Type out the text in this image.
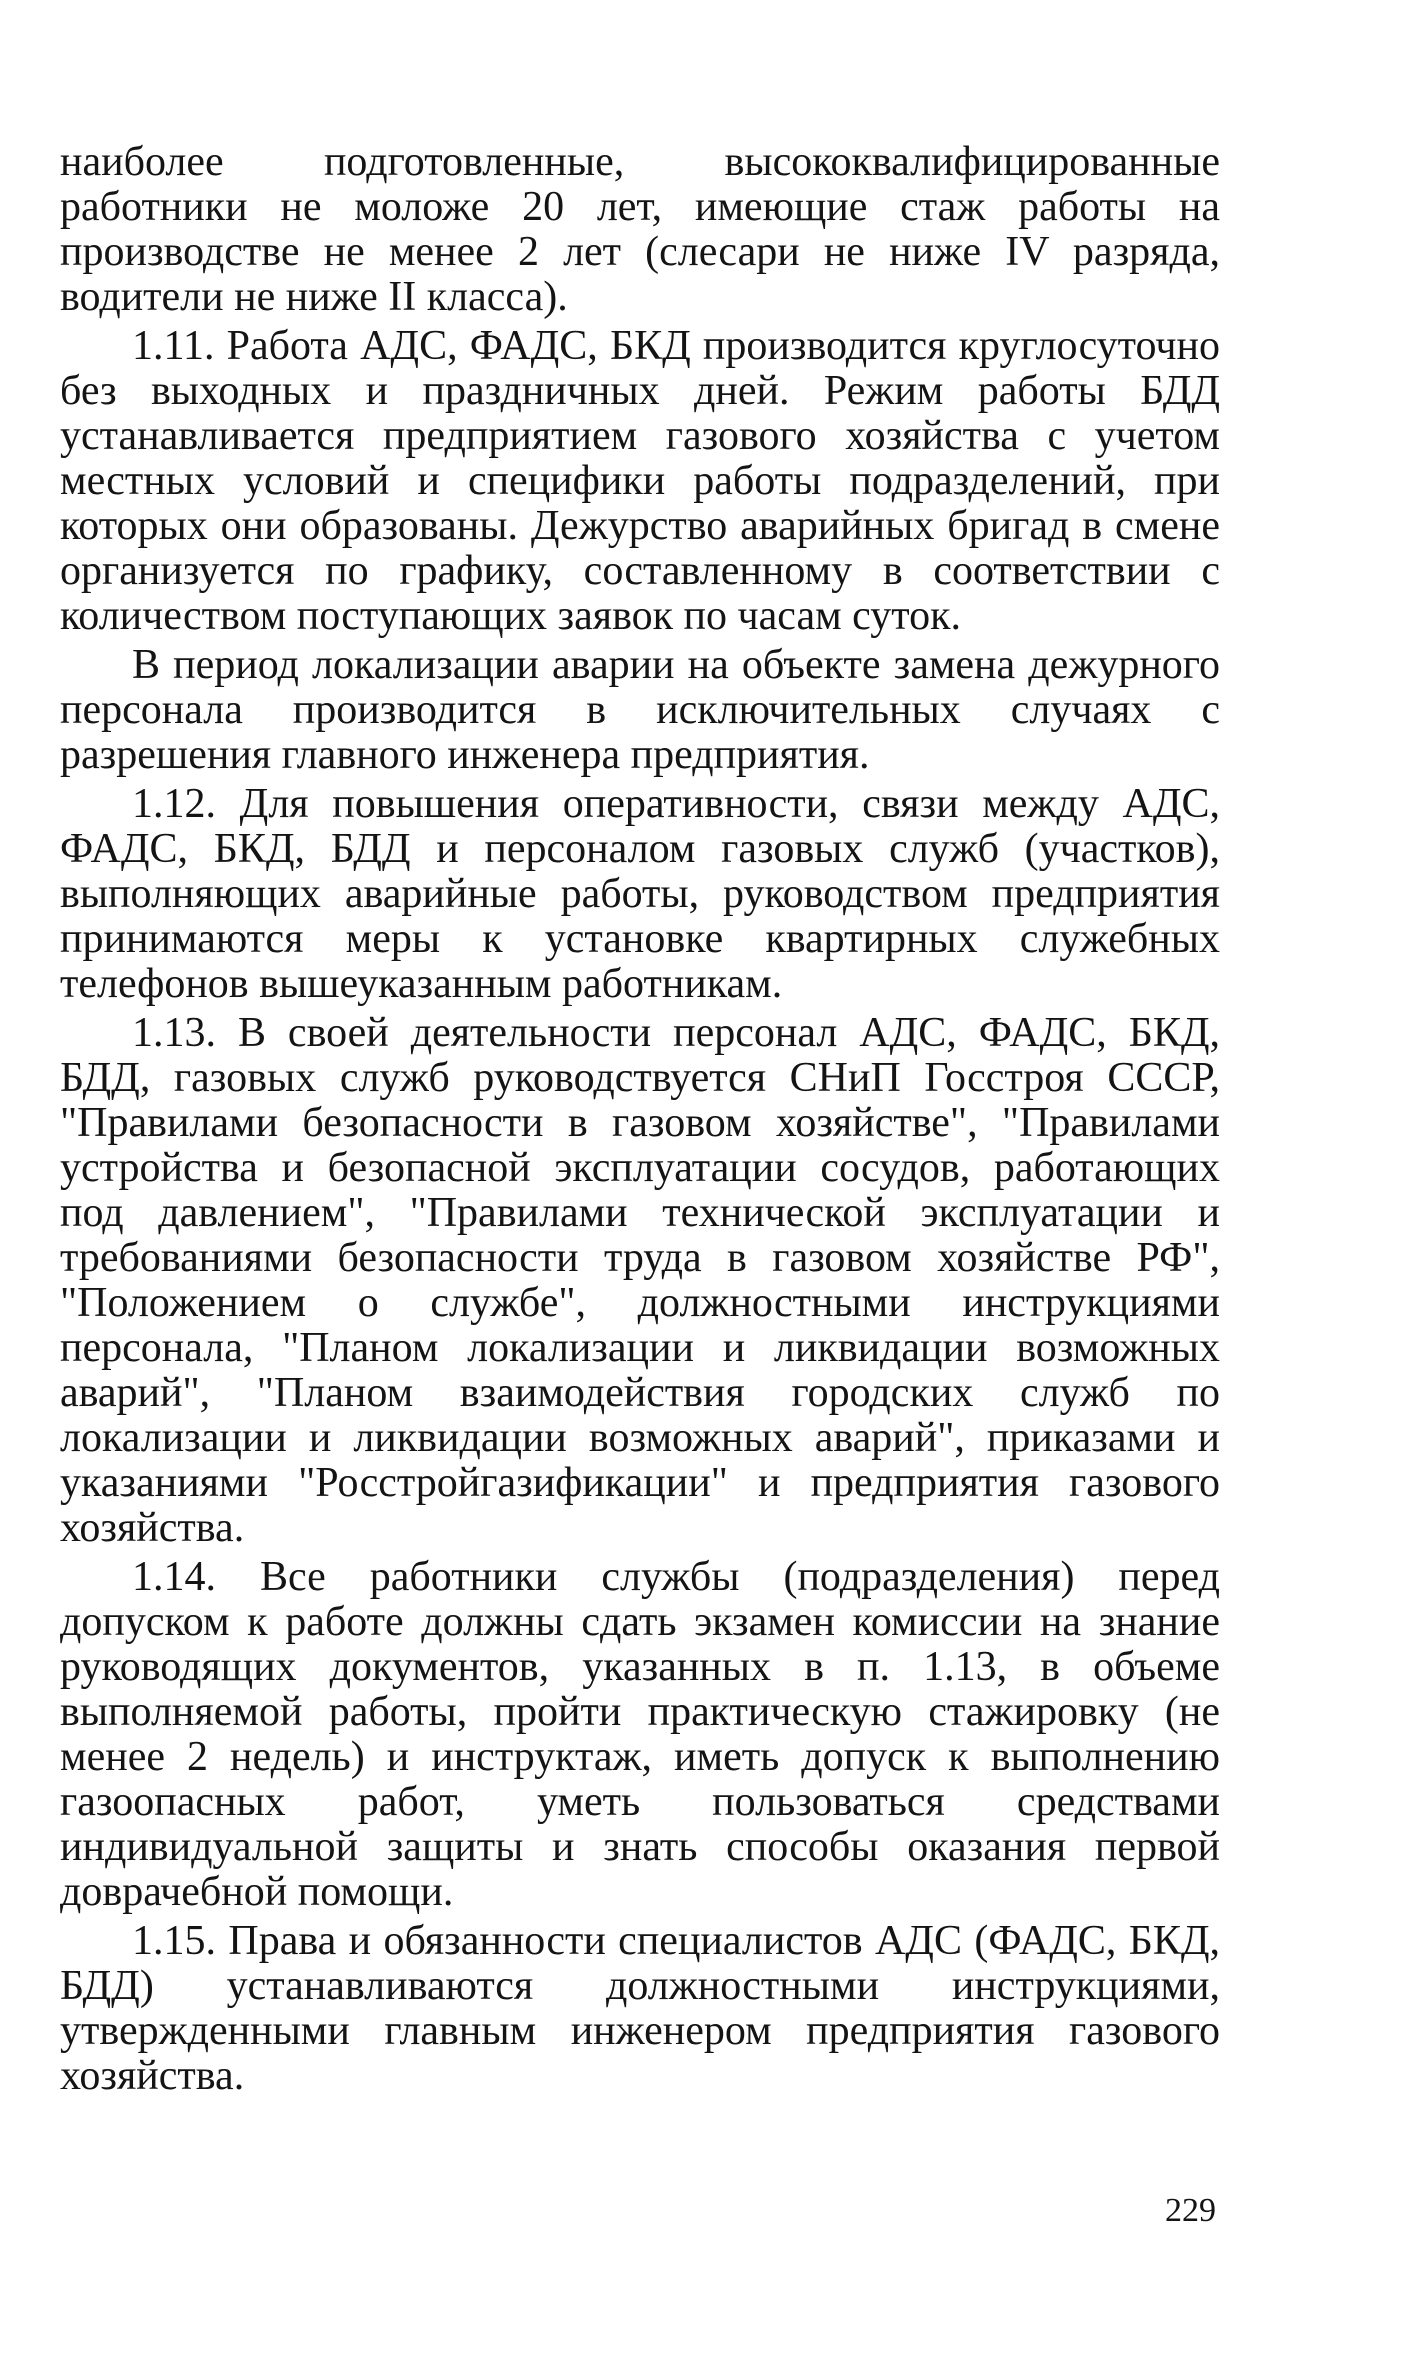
наиболее подготовленные, высококвалифицированные работники не моложе 20 лет, имеющие стаж работы на производстве не менее 2 лет (слесари не ниже IV разряда, водители не ниже II класса).

1.11. Работа АДС, ФАДС, БКД производится круглосуточно без выходных и праздничных дней. Режим работы БДД устанавливается предприятием газового хозяйства с учетом местных условий и специфики работы подразделений, при которых они образованы. Дежурство аварийных бригад в смене организуется по графику, составленному в соответствии с количеством поступающих заявок по часам суток.

В период локализации аварии на объекте замена дежурного персонала производится в исключительных случаях с разрешения главного инженера предприятия.

1.12. Для повышения оперативности, связи между АДС, ФАДС, БКД, БДД и персоналом газовых служб (участков), выполняющих аварийные работы, руководством предприятия принимаются меры к установке квартирных служебных телефонов вышеуказанным работникам.

1.13. В своей деятельности персонал АДС, ФАДС, БКД, БДД, газовых служб руководствуется СНиП Госстроя СССР, "Правилами безопасности в газовом хозяйстве", "Правилами устройства и безопасной эксплуатации сосудов, работающих под давлением", "Правилами технической эксплуатации и требованиями безопасности труда в газовом хозяйстве РФ", "Положением о службе", должностными инструкциями персонала, "Планом локализации и ликвидации возможных аварий", "Планом взаимодействия городских служб по локализации и ликвидации возможных аварий", приказами и указаниями "Росстройгазификации" и предприятия газового хозяйства.

1.14. Все работники службы (подразделения) перед допуском к работе должны сдать экзамен комиссии на знание руководящих документов, указанных в п. 1.13, в объеме выполняемой работы, пройти практическую стажировку (не менее 2 недель) и инструктаж, иметь допуск к выполнению газоопасных работ, уметь пользоваться средствами индивидуальной защиты и знать способы оказания первой доврачебной помощи.

1.15. Права и обязанности специалистов АДС (ФАДС, БКД, БДД) устанавливаются должностными инструкциями, утвержденными главным инженером предприятия газового хозяйства.

229
